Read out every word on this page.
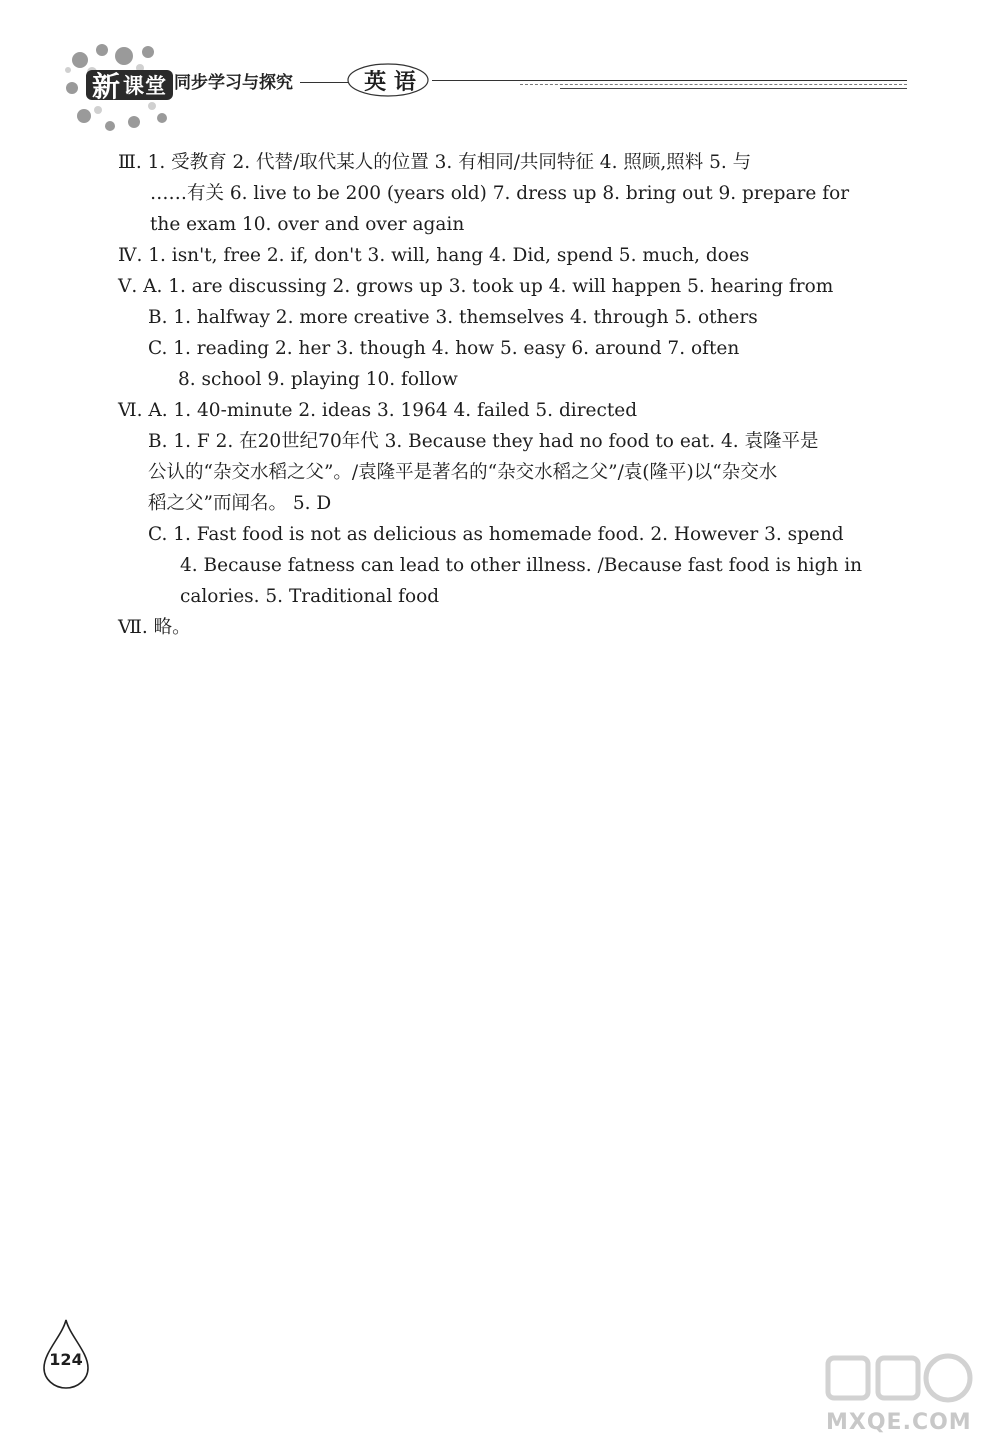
新 课堂 同步学习与探究	英 语
Ⅲ. 1. 受教育 2. 代替/取代某人的位置 3. 有相同/共同特征 4. 照顾,照料 5. 与
……有关 6. live to be 200 (years old) 7. dress up 8. bring out 9. prepare for
the exam 10. over and over again
Ⅳ. 1. isn't, free 2. if, don't 3. will, hang 4. Did, spend 5. much, does
Ⅴ. A. 1. are discussing 2. grows up 3. took up 4. will happen 5. hearing from
B. 1. halfway 2. more creative 3. themselves 4. through 5. others
C. 1. reading 2. her 3. though 4. how 5. easy 6. around 7. often
8. school 9. playing 10. follow
Ⅵ. A. 1. 40-minute 2. ideas 3. 1964 4. failed 5. directed
B. 1. F 2. 在20世纪70年代 3. Because they had no food to eat. 4. 袁隆平是
公认的“杂交水稻之父”。/袁隆平是著名的“杂交水稻之父”/袁(隆平)以“杂交水
稻之父”而闻名。 5. D
C. 1. Fast food is not as delicious as homemade food. 2. However 3. spend
4. Because fatness can lead to other illness. /Because fast food is high in
calories. 5. Traditional food
Ⅶ. 略。
124
MXQE.COM
